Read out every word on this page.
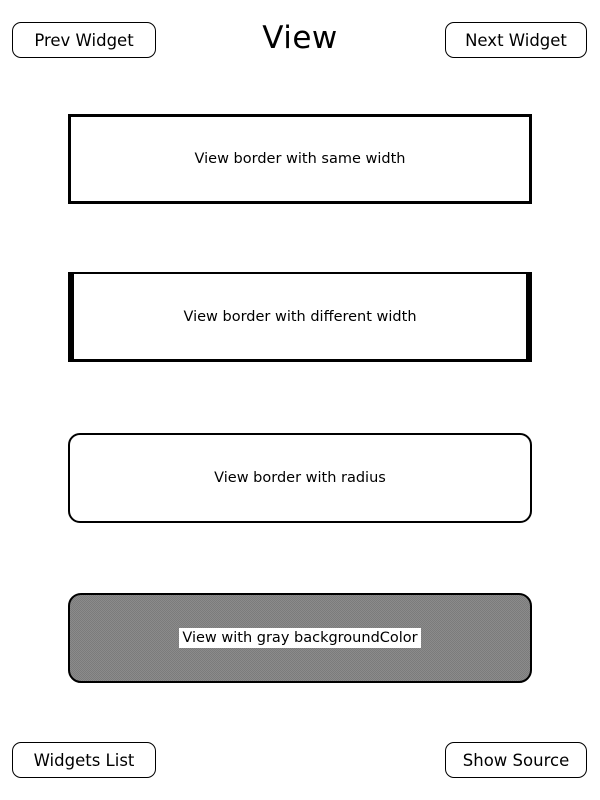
Prev Widget	View	Next Widget
View border with same width
View border with different width
View border with radius
View with gray backgroundColor
Widgets List	Show Source
